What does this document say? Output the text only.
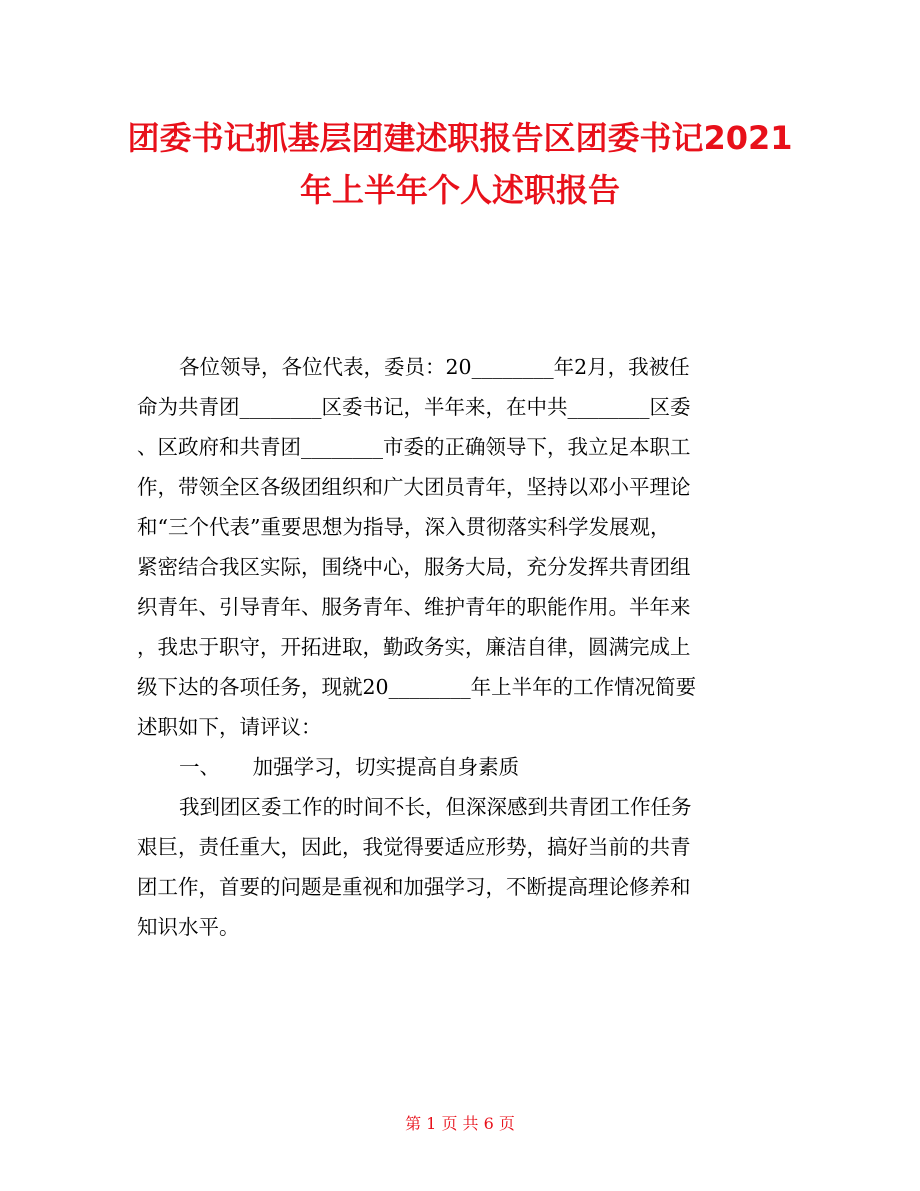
团委书记抓基层团建述职报告区团委书记2021
年上半年个人述职报告
各位领导，各位代表，委员：20________年2月，我被任
命为共青团________区委书记，半年来，在中共________区委
、区政府和共青团________市委的正确领导下，我立足本职工
作，带领全区各级团组织和广大团员青年，坚持以邓小平理论
和“三个代表”重要思想为指导，深入贯彻落实科学发展观，
紧密结合我区实际，围绕中心，服务大局，充分发挥共青团组
织青年、引导青年、服务青年、维护青年的职能作用。半年来
，我忠于职守，开拓进取，勤政务实，廉洁自律，圆满完成上
级下达的各项任务，现就20________年上半年的工作情况简要
述职如下，请评议：
一、     加强学习，切实提高自身素质
我到团区委工作的时间不长，但深深感到共青团工作任务
艰巨，责任重大，因此，我觉得要适应形势，搞好当前的共青
团工作，首要的问题是重视和加强学习，不断提高理论修养和
知识水平。
第 1 页 共 6 页
